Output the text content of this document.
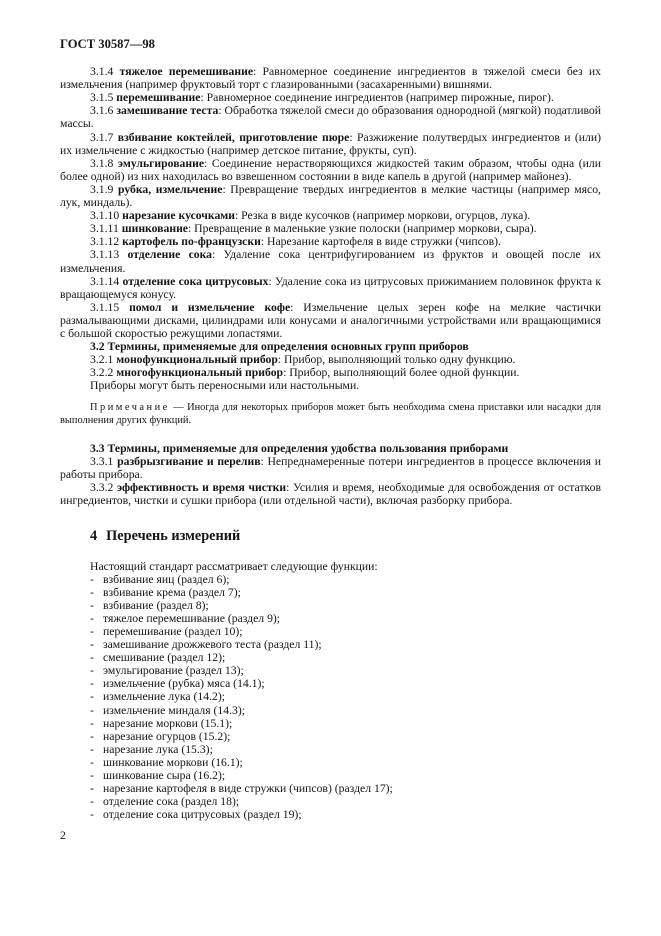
ГОСТ 30587—98

3.1.4 тяжелое перемешивание: Равномерное соединение ингредиентов в тяжелой смеси без их измельчения (например фруктовый торт с глазированными (засахаренными) вишнями.

3.1.5 перемешивание: Равномерное соединение ингредиентов (например пирожные, пирог).

3.1.6 замешивание теста: Обработка тяжелой смеси до образования однородной (мягкой) податливой массы.

3.1.7 взбивание коктейлей, приготовление пюре: Разжижение полутвердых ингредиентов и (или) их измельчение с жидкостью (например детское питание, фрукты, суп).

3.1.8 эмульгирование: Соединение нерастворяющихся жидкостей таким образом, чтобы одна (или более одной) из них находилась во взвешенном состоянии в виде капель в другой (например майонез).

3.1.9 рубка, измельчение: Превращение твердых ингредиентов в мелкие частицы (например мясо, лук, миндаль).

3.1.10 нарезание кусочками: Резка в виде кусочков (например моркови, огурцов, лука).

3.1.11 шинкование: Превращение в маленькие узкие полоски (например моркови, сыра).

3.1.12 картофель по-французски: Нарезание картофеля в виде стружки (чипсов).

3.1.13 отделение сока: Удаление сока центрифугированием из фруктов и овощей после их измельчения.

3.1.14 отделение сока цитрусовых: Удаление сока из цитрусовых прижиманием половинок фрукта к вращающемуся конусу.

3.1.15 помол и измельчение кофе: Измельчение целых зерен кофе на мелкие частички размалывающими дисками, цилиндрами или конусами и аналогичными устройствами или вращающимися с большой скоростью режущими лопастями.

3.2 Термины, применяемые для определения основных групп приборов

3.2.1 монофункциональный прибор: Прибор, выполняющий только одну функцию.

3.2.2 многофункциональный прибор: Прибор, выполняющий более одной функции.

Приборы могут быть переносными или настольными.

Примечание — Иногда для некоторых приборов может быть необходима смена приставки или насадки для выполнения других функций.

3.3 Термины, применяемые для определения удобства пользования приборами

3.3.1 разбрызгивание и перелив: Непреднамеренные потери ингредиентов в процессе включения и работы прибора.

3.3.2 эффективность и время чистки: Усилия и время, необходимые для освобождения от остатков ингредиентов, чистки и сушки прибора (или отдельной части), включая разборку прибора.

4 Перечень измерений

Настоящий стандарт рассматривает следующие функции:

- взбивание яиц (раздел 6);
- взбивание крема (раздел 7);
- взбивание (раздел 8);
- тяжелое перемешивание (раздел 9);
- перемешивание (раздел 10);
- замешивание дрожжевого теста (раздел 11);
- смешивание (раздел 12);
- эмульгирование (раздел 13);
- измельчение (рубка) мяса (14.1);
- измельчение лука (14.2);
- измельчение миндаля (14.3);
- нарезание моркови (15.1);
- нарезание огурцов (15.2);
- нарезание лука (15.3);
- шинкование моркови (16.1);
- шинкование сыра (16.2);
- нарезание картофеля в виде стружки (чипсов) (раздел 17);
- отделение сока (раздел 18);
- отделение сока цитрусовых (раздел 19);
2
